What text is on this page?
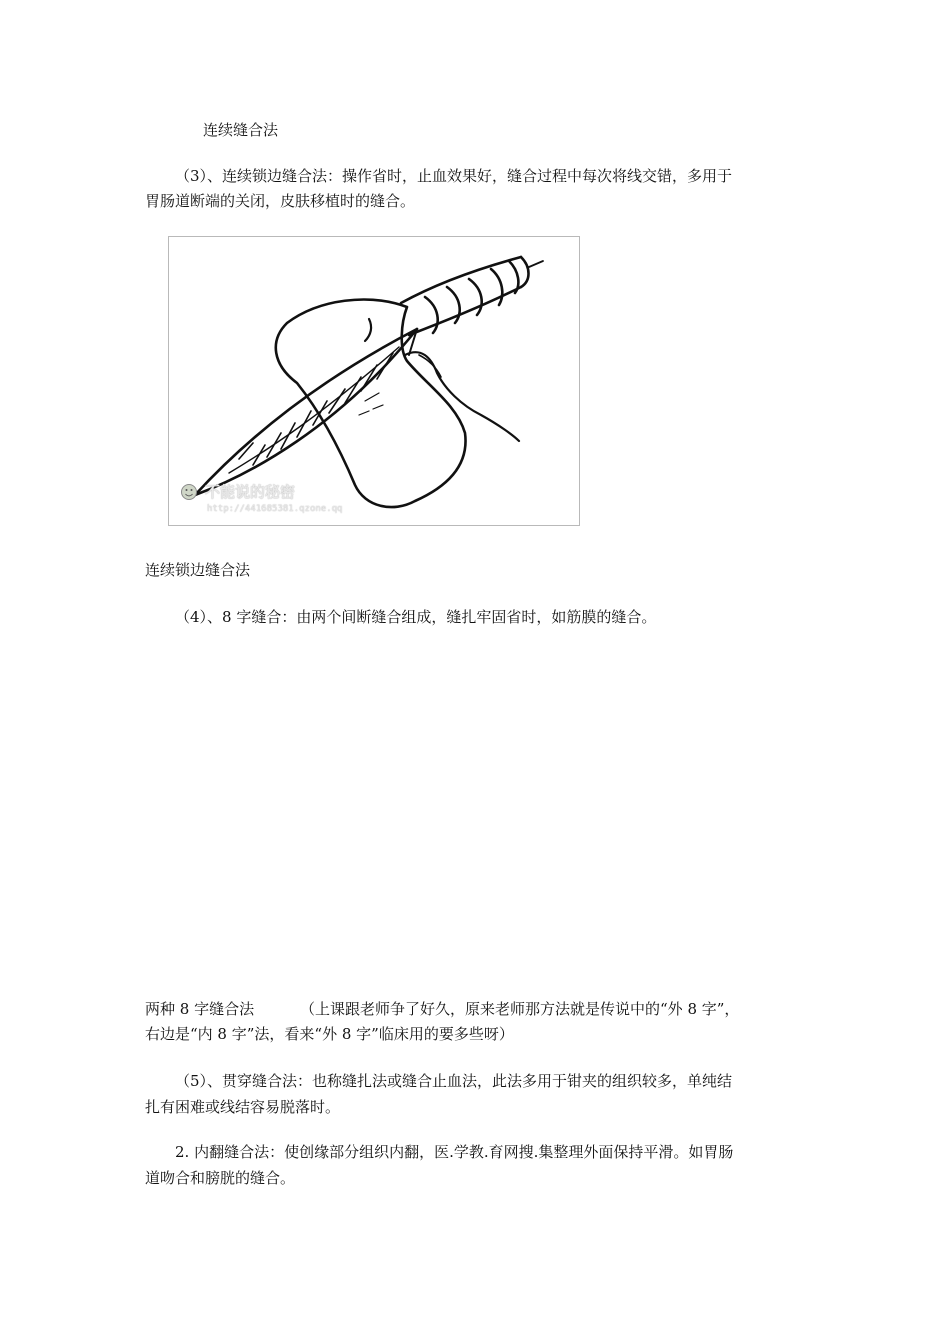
连续缝合法
（3）、连续锁边缝合法：操作省时，止血效果好，缝合过程中每次将线交错，多用于
胃肠道断端的关闭，皮肤移植时的缝合。
不能说的秘密
http://441685381.qzone.qq
连续锁边缝合法
（4）、8 字缝合：由两个间断缝合组成，缝扎牢固省时，如筋膜的缝合。
两种 8 字缝合法	（上课跟老师争了好久，原来老师那方法就是传说中的“外 8 字”，
右边是“内 8 字”法，看来“外 8 字”临床用的要多些呀）
（5）、贯穿缝合法：也称缝扎法或缝合止血法，此法多用于钳夹的组织较多，单纯结
扎有困难或线结容易脱落时。
2. 内翻缝合法：使创缘部分组织内翻，医.学教.育网搜.集整理外面保持平滑。如胃肠
道吻合和膀胱的缝合。
